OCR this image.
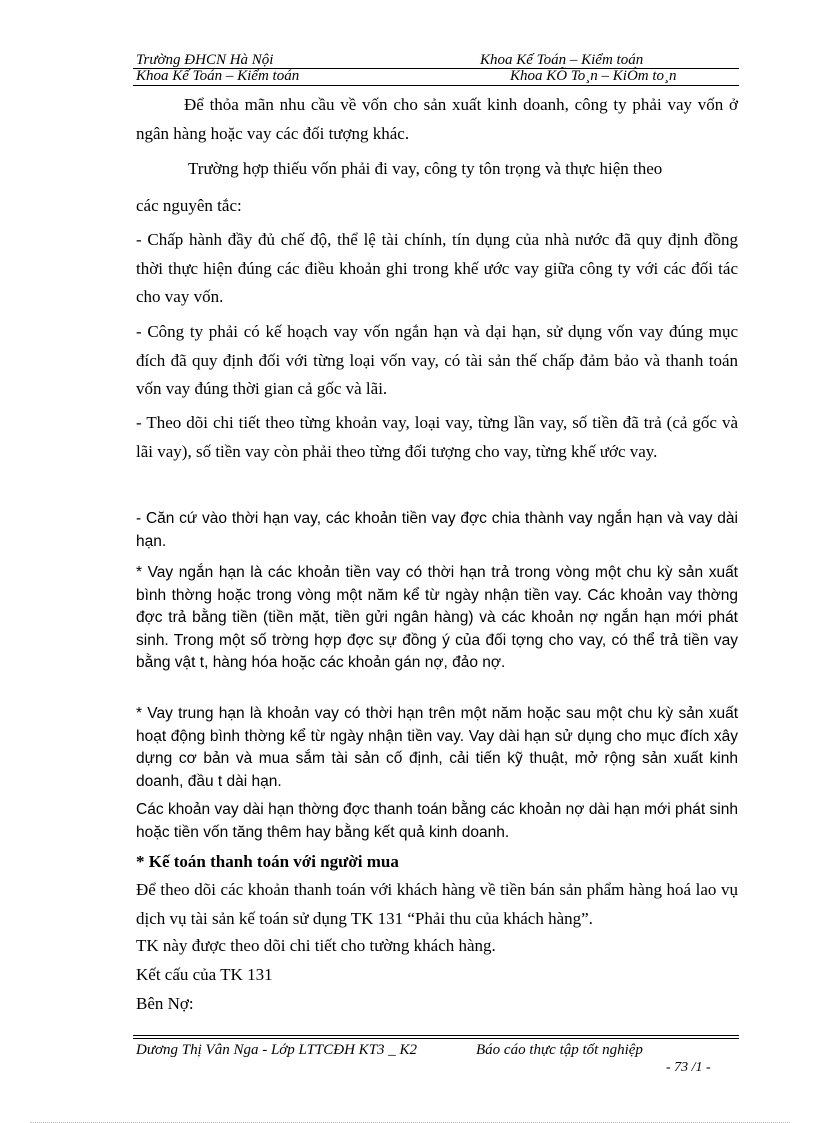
Trường ĐHCN Hà Nội	Khoa Kế Toán – Kiểm toán
Khoa Kế Toán – Kiểm toán	Khoa KÕ To¸n – KiÓm to¸n

Để thỏa mãn nhu cầu về vốn cho sản xuất kinh doanh, công ty phải vay vốn ở ngân hàng hoặc vay các đối tượng khác.

Trường hợp thiếu vốn phải đi vay, công ty tôn trọng và thực hiện theo

các nguyên tắc:

- Chấp hành đầy đủ chế độ, thể lệ tài chính, tín dụng của nhà nước đã quy định đồng thời thực hiện đúng các điều khoản ghi trong khế ước vay giữa công ty với các đối tác cho vay vốn.

- Công ty phải có kế hoạch vay vốn ngắn hạn và dại hạn, sử dụng vốn vay đúng mục đích đã quy định đối với từng loại vốn vay, có tài sản thế chấp đảm bảo và thanh toán vốn vay đúng thời gian cả gốc và lãi.

- Theo dõi chi tiết theo từng khoản vay, loại vay, từng lần vay, số tiền đã trả (cả gốc và lãi vay), số tiền vay còn phải theo từng đối tượng cho vay, từng khế ước vay.

- Căn cứ vào thời hạn vay, các khoản tiền vay đợc chia thành vay ngắn hạn và vay dài hạn.

* Vay ngắn hạn là các khoản tiền vay có thời hạn trả trong vòng một chu kỳ sản xuất bình thờng hoặc trong vòng một năm kể từ ngày nhận tiền vay. Các khoản vay thờng đợc trả bằng tiền (tiền mặt, tiền gửi ngân hàng) và các khoản nợ ngắn hạn mới phát sinh. Trong một số trờng hợp đợc sự đồng ý của đối tợng cho vay, có thể trả tiền vay bằng vật t, hàng hóa hoặc các khoản gán nợ, đảo nợ.

* Vay trung hạn là khoản vay có thời hạn trên một năm hoặc sau một chu kỳ sản xuất hoạt động bình thờng kể từ ngày nhận tiền vay. Vay dài hạn sử dụng cho mục đích xây dựng cơ bản và mua sắm tài sản cố định, cải tiến kỹ thuật, mở rộng sản xuất kinh doanh, đầu t dài hạn.

Các khoản vay dài hạn thờng đợc thanh toán bằng các khoản nợ dài hạn mới phát sinh hoặc tiền vốn tăng thêm hay bằng kết quả kinh doanh.

* Kế toán thanh toán với người mua

Để theo dõi các khoản thanh toán với khách hàng về tiền bán sản phẩm hàng hoá lao vụ dịch vụ tài sản kế toán sử dụng TK 131 “Phải thu của khách hàng”.

TK này được theo dõi chi tiết cho tường khách hàng.

Kết cấu của TK 131

Bên Nợ:

Dương Thị Vân Nga - Lớp LTTCĐH KT3 _ K2	Báo cáo thực tập tốt nghiệp
- 73 /1 -
